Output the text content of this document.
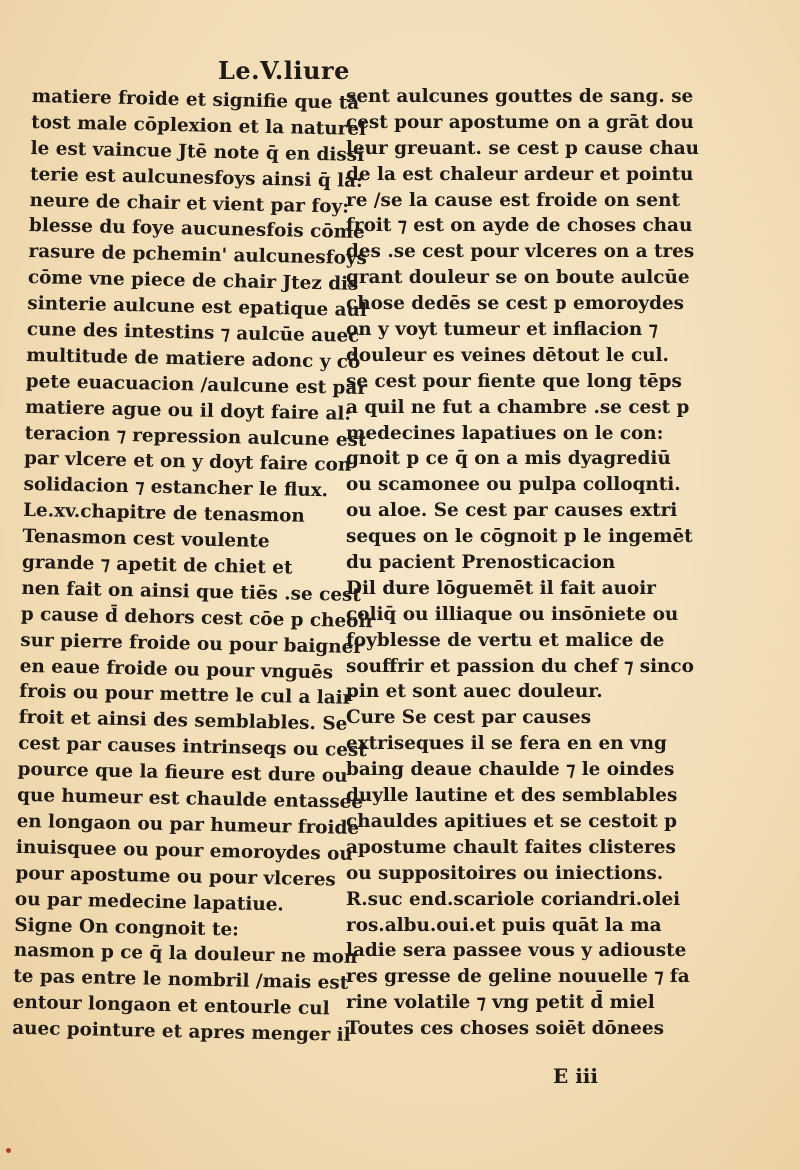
Le.V.liure
matiere froide et signifie que tā
tost male cōplexion et la naturel
le est vaincue Jtē note q̄ en dissi
terie est aulcunesfoys ainsi q̄ la:
neure de chair et vient par foy:
blesse du foye aucunesfois cōme
rasure de pchemin' aulcunesfoys
cōme vne piece de chair Jtez dis
sinterie aulcune est epatique aul
cune des intestins ⁊ aulcūe auec
multitude de matiere adonc y cō
pete euacuacion /aulcune est par
matiere ague ou il doyt faire al:
teracion ⁊ repression aulcune est
par vlcere et on y doyt faire con
solidacion ⁊ estancher le flux.
Le.xv.chapitre de tenasmon
Tenasmon cest voulente
grande ⁊ apetit de chiet et
nen fait on ainsi que tiēs .se cest
p cause d̄ dehors cest cōe p cheoir
sur pierre froide ou pour baigner
en eaue froide ou pour vnguēs
frois ou pour mettre le cul a lair
froit et ainsi des semblables. Se
cest par causes intrinseqs ou cest
pource que la fieure est dure ou
que humeur est chaulde entassee
en longaon ou par humeur froide
inuisquee ou pour emoroydes ou
pour apostume ou pour vlceres
ou par medecine lapatiue.
Signe On congnoit te:
nasmon p ce q̄ la douleur ne mon
te pas entre le nombril /mais est
entour longaon et entourle cul
auec pointure et apres menger il
sent aulcunes gouttes de sang. se
cest pour apostume on a grāt dou
leur greuant. se cest p cause chau
de la est chaleur ardeur et pointu
re /se la cause est froide on sent
froit ⁊ est on ayde de choses chau
des .se cest pour vlceres on a tres
grant douleur se on boute aulcūe
chose dedēs se cest p emoroydes
on y voyt tumeur et inflacion ⁊
douleur es veines dētout le cul.
se cest pour fiente que long tēps
a quil ne fut a chambre .se cest p
medecines lapatiues on le con:
gnoit p ce q̄ on a mis dyagrediū
ou scamonee ou pulpa colloqnti.
ou aloe. Se cest par causes extri
seques on le cōgnoit p le ingemēt
du pacient Prenosticacion
Dil dure lōguemēt il fait auoir
coliq̄ ou illiaque ou insōniete ou
foyblesse de vertu et malice de
souffrir et passion du chef ⁊ sinco
pin et sont auec douleur.
Cure Se cest par causes
extriseques il se fera en en vng
baing deaue chaulde ⁊ le oindes
duylle lautine et des semblables
chauldes apitiues et se cestoit p
apostume chault faites clisteres
ou suppositoires ou iniections.
R.suc end.scariole coriandri.olei
ros.albu.oui.et puis quāt la ma
ladie sera passee vous y adiouste
res gresse de geline nouuelle ⁊ fa
rine volatile ⁊ vng petit d̄ miel
Toutes ces choses soiēt dōnees
E iii
